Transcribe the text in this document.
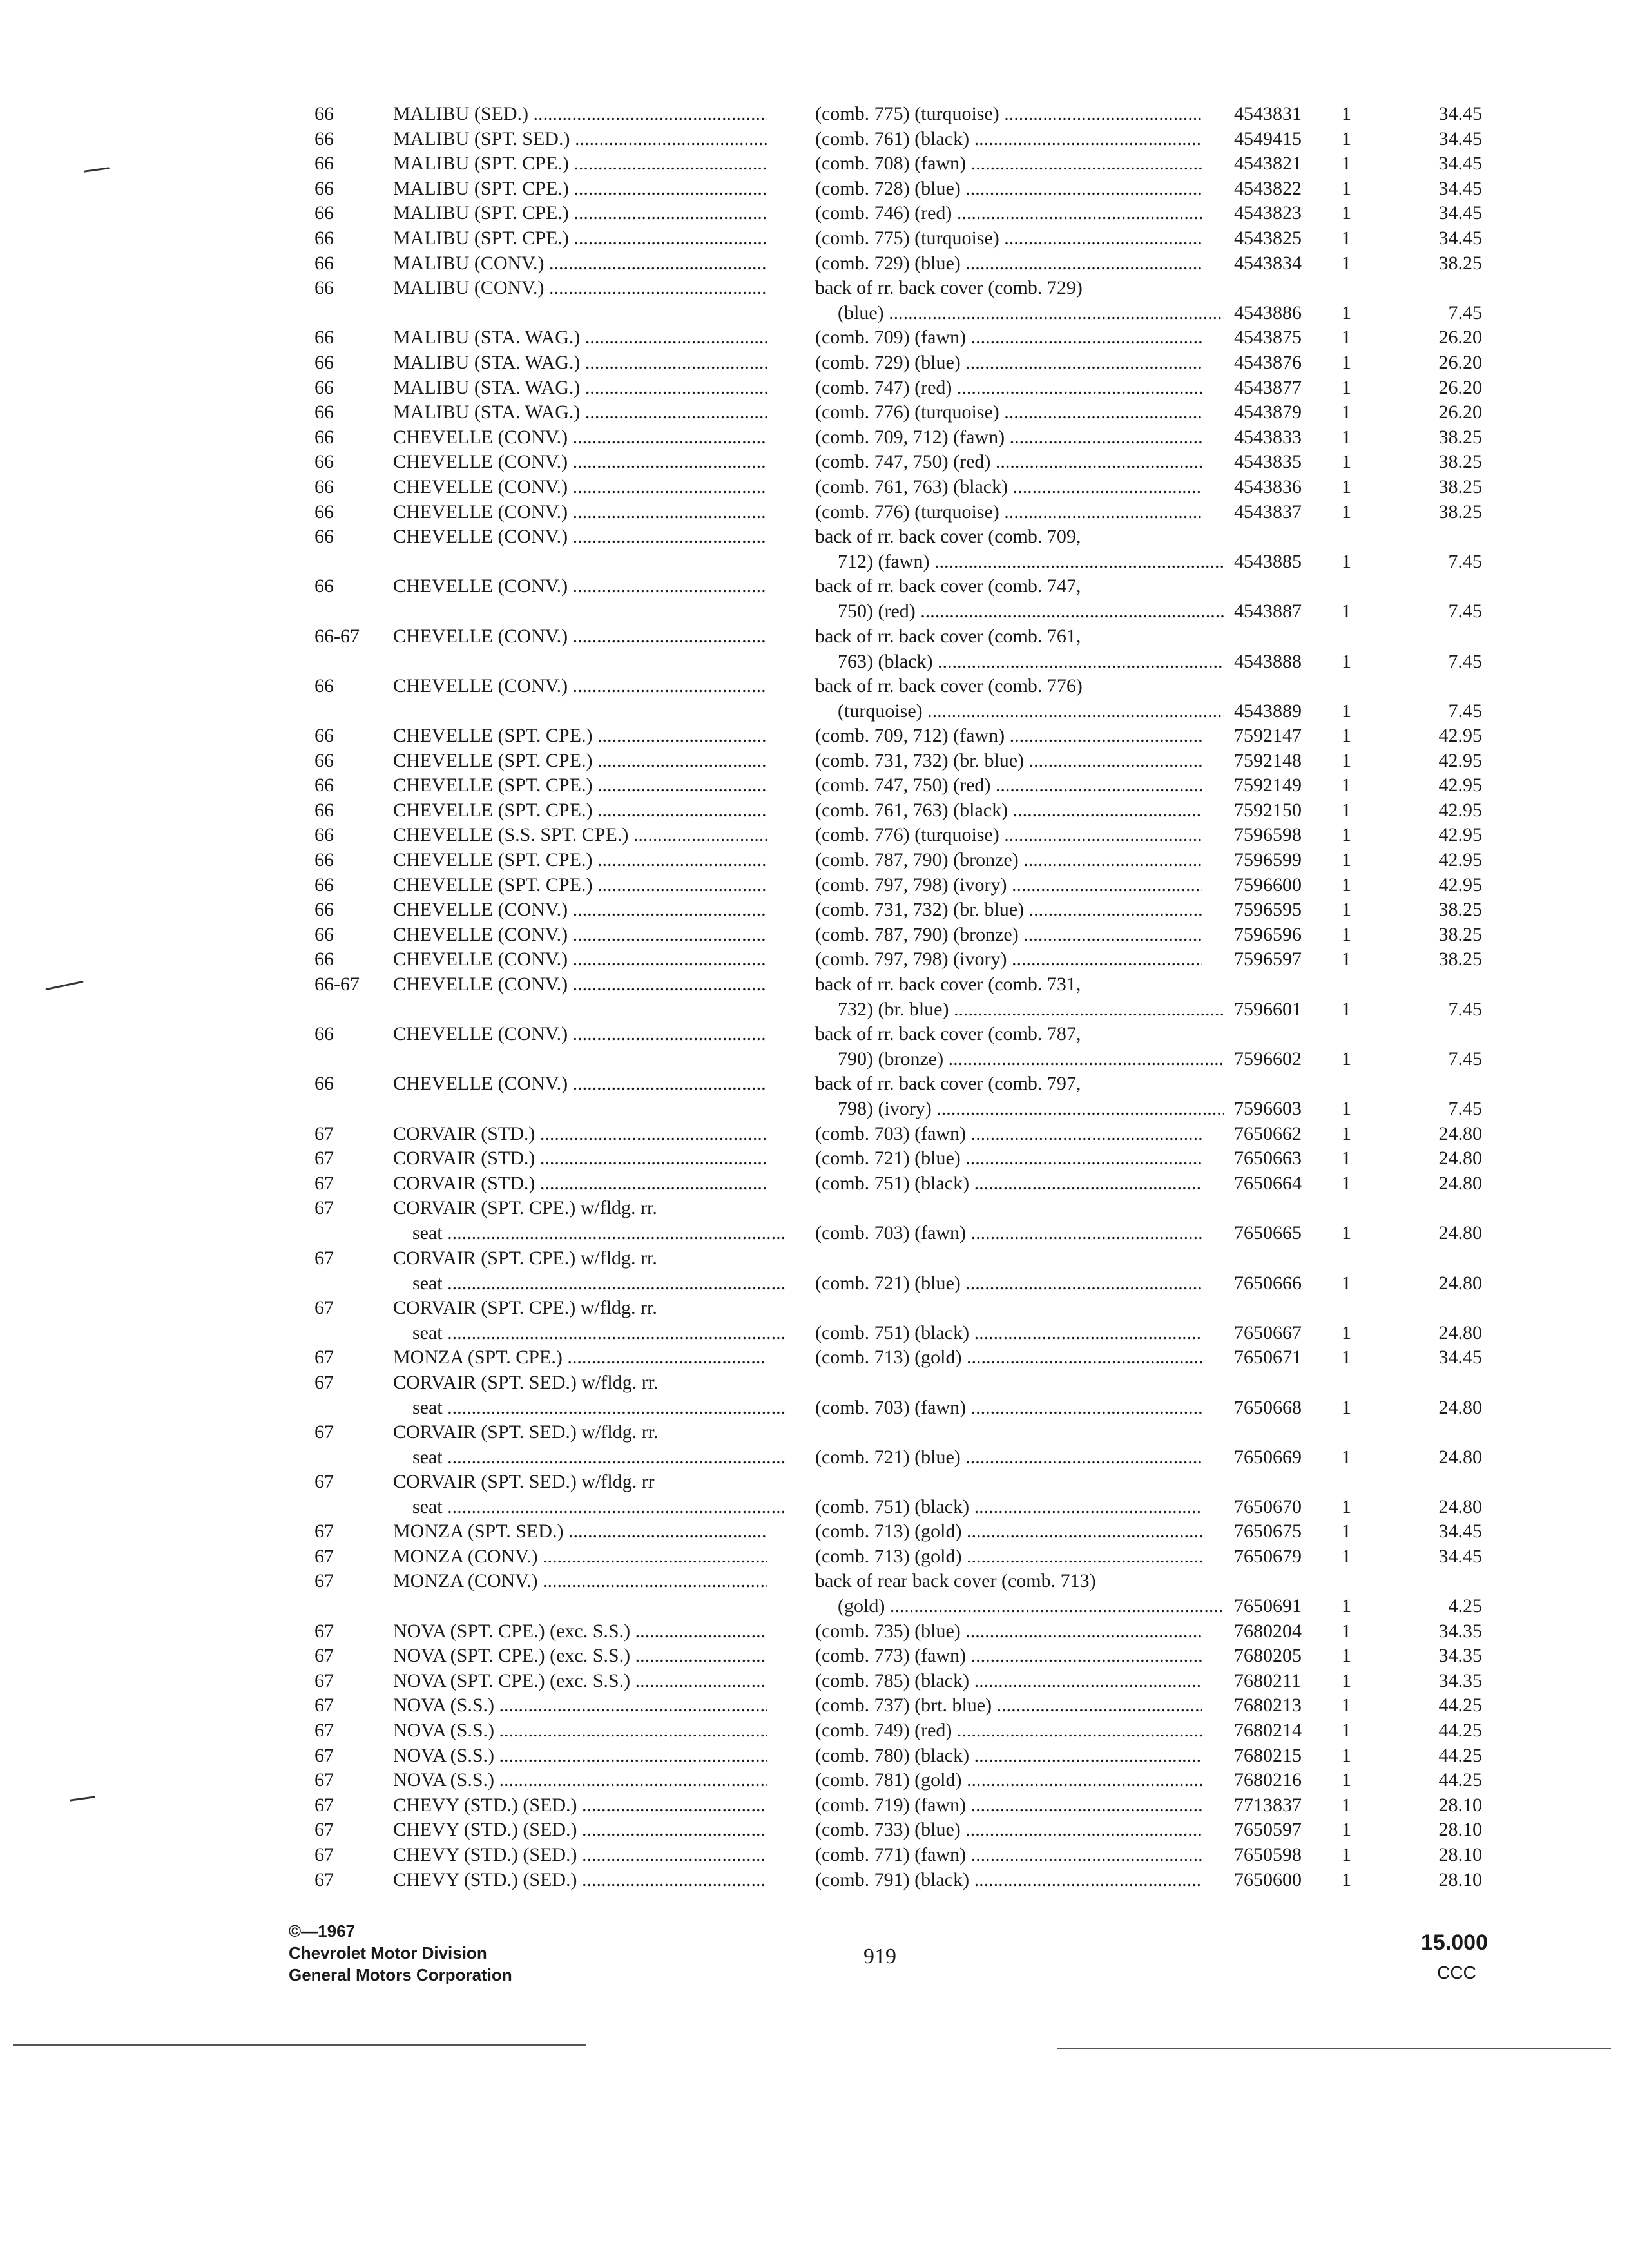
66	MALIBU (SED.) .....	(comb. 775) (turquoise) .....	4543831 1	34.45
66	MALIBU (SPT. SED.) .....	(comb. 761) (black) .....	4549415 1	34.45
66	MALIBU (SPT. CPE.) .....	(comb. 708) (fawn) .....	4543821 1	34.45
66	MALIBU (SPT. CPE.) .....	(comb. 728) (blue) .....	4543822 1	34.45
66	MALIBU (SPT. CPE.) .....	(comb. 746) (red) .....	4543823 1	34.45
66	MALIBU (SPT. CPE.) .....	(comb. 775) (turquoise) .....	4543825 1	34.45
66	MALIBU (CONV.) .....	(comb. 729) (blue) .....	4543834 1	38.25
66	MALIBU (CONV.) .....	back of rr. back cover (comb. 729)
(blue) .....	4543886 1	7.45
66	MALIBU (STA. WAG.) .....	(comb. 709) (fawn) .....	4543875 1	26.20
66	MALIBU (STA. WAG.) .....	(comb. 729) (blue) .....	4543876 1	26.20
66	MALIBU (STA. WAG.) .....	(comb. 747) (red) .....	4543877 1	26.20
66	MALIBU (STA. WAG.) .....	(comb. 776) (turquoise) .....	4543879 1	26.20
66	CHEVELLE (CONV.) .....	(comb. 709, 712) (fawn) .....	4543833 1	38.25
66	CHEVELLE (CONV.) .....	(comb. 747, 750) (red) .....	4543835 1	38.25
66	CHEVELLE (CONV.) .....	(comb. 761, 763) (black) .....	4543836 1	38.25
66	CHEVELLE (CONV.) .....	(comb. 776) (turquoise) .....	4543837 1	38.25
66	CHEVELLE (CONV.) .....	back of rr. back cover (comb. 709,
712) (fawn) .....	4543885 1	7.45
66	CHEVELLE (CONV.) .....	back of rr. back cover (comb. 747,
750) (red) .....	4543887 1	7.45
66-67 CHEVELLE (CONV.) .....	back of rr. back cover (comb. 761,
763) (black) .....	4543888 1	7.45
66	CHEVELLE (CONV.) .....	back of rr. back cover (comb. 776)
(turquoise) .....	4543889 1	7.45
66	CHEVELLE (SPT. CPE.) .....	(comb. 709, 712) (fawn) .....	7592147 1	42.95
66	CHEVELLE (SPT. CPE.) .....	(comb. 731, 732) (br. blue) .....	7592148 1	42.95
66	CHEVELLE (SPT. CPE.) .....	(comb. 747, 750) (red) .....	7592149 1	42.95
66	CHEVELLE (SPT. CPE.) .....	(comb. 761, 763) (black) .....	7592150 1	42.95
66	CHEVELLE (S.S. SPT. CPE.) .....	(comb. 776) (turquoise) .....	7596598 1	42.95
66	CHEVELLE (SPT. CPE.) .....	(comb. 787, 790) (bronze) .....	7596599 1	42.95
66	CHEVELLE (SPT. CPE.) .....	(comb. 797, 798) (ivory) .....	7596600 1	42.95
66	CHEVELLE (CONV.) .....	(comb. 731, 732) (br. blue) .....	7596595 1	38.25
66	CHEVELLE (CONV.) .....	(comb. 787, 790) (bronze) .....	7596596 1	38.25
66	CHEVELLE (CONV.) .....	(comb. 797, 798) (ivory) .....	7596597 1	38.25
66-67 CHEVELLE (CONV.) .....	back of rr. back cover (comb. 731,
732) (br. blue) .....	7596601 1	7.45
66	CHEVELLE (CONV.) .....	back of rr. back cover (comb. 787,
790) (bronze) .....	7596602 1	7.45
66	CHEVELLE (CONV.) .....	back of rr. back cover (comb. 797,
798) (ivory) .....	7596603 1	7.45
67	CORVAIR (STD.) .....	(comb. 703) (fawn) .....	7650662 1	24.80
67	CORVAIR (STD.) .....	(comb. 721) (blue) .....	7650663 1	24.80
67	CORVAIR (STD.) .....	(comb. 751) (black) .....	7650664 1	24.80
67	CORVAIR (SPT. CPE.) w/fldg. rr.
seat .....	(comb. 703) (fawn) .....	7650665 1	24.80
67	CORVAIR (SPT. CPE.) w/fldg. rr.
seat .....	(comb. 721) (blue) .....	7650666 1	24.80
67	CORVAIR (SPT. CPE.) w/fldg. rr.
seat .....	(comb. 751) (black) .....	7650667 1	24.80
67	MONZA (SPT. CPE.) .....	(comb. 713) (gold) .....	7650671 1	34.45
67	CORVAIR (SPT. SED.) w/fldg. rr.
seat .....	(comb. 703) (fawn) .....	7650668 1	24.80
67	CORVAIR (SPT. SED.) w/fldg. rr.
seat .....	(comb. 721) (blue) .....	7650669 1	24.80
67	CORVAIR (SPT. SED.) w/fldg. rr
seat .....	(comb. 751) (black) .....	7650670 1	24.80
67	MONZA (SPT. SED.) .....	(comb. 713) (gold) .....	7650675 1	34.45
67	MONZA (CONV.) .....	(comb. 713) (gold) .....	7650679 1	34.45
67	MONZA (CONV.) .....	back of rear back cover (comb. 713)
(gold) .....	7650691 1	4.25
67	NOVA (SPT. CPE.) (exc. S.S.) .....	(comb. 735) (blue) .....	7680204 1	34.35
67	NOVA (SPT. CPE.) (exc. S.S.) .....	(comb. 773) (fawn) .....	7680205 1	34.35
67	NOVA (SPT. CPE.) (exc. S.S.) .....	(comb. 785) (black) .....	7680211 1	34.35
67	NOVA (S.S.) .....	(comb. 737) (brt. blue) .....	7680213 1	44.25
67	NOVA (S.S.) .....	(comb. 749) (red) .....	7680214 1	44.25
67	NOVA (S.S.) .....	(comb. 780) (black) .....	7680215 1	44.25
67	NOVA (S.S.) .....	(comb. 781) (gold) .....	7680216 1	44.25
67	CHEVY (STD.) (SED.) .....	(comb. 719) (fawn) .....	7713837 1	28.10
67	CHEVY (STD.) (SED.) .....	(comb. 733) (blue) .....	7650597 1	28.10
67	CHEVY (STD.) (SED.) .....	(comb. 771) (fawn) .....	7650598 1	28.10
67	CHEVY (STD.) (SED.) .....	(comb. 791) (black) .....	7650600 1	28.10
©—1967
Chevrolet Motor Division
General Motors Corporation
919
15.000
CCC
